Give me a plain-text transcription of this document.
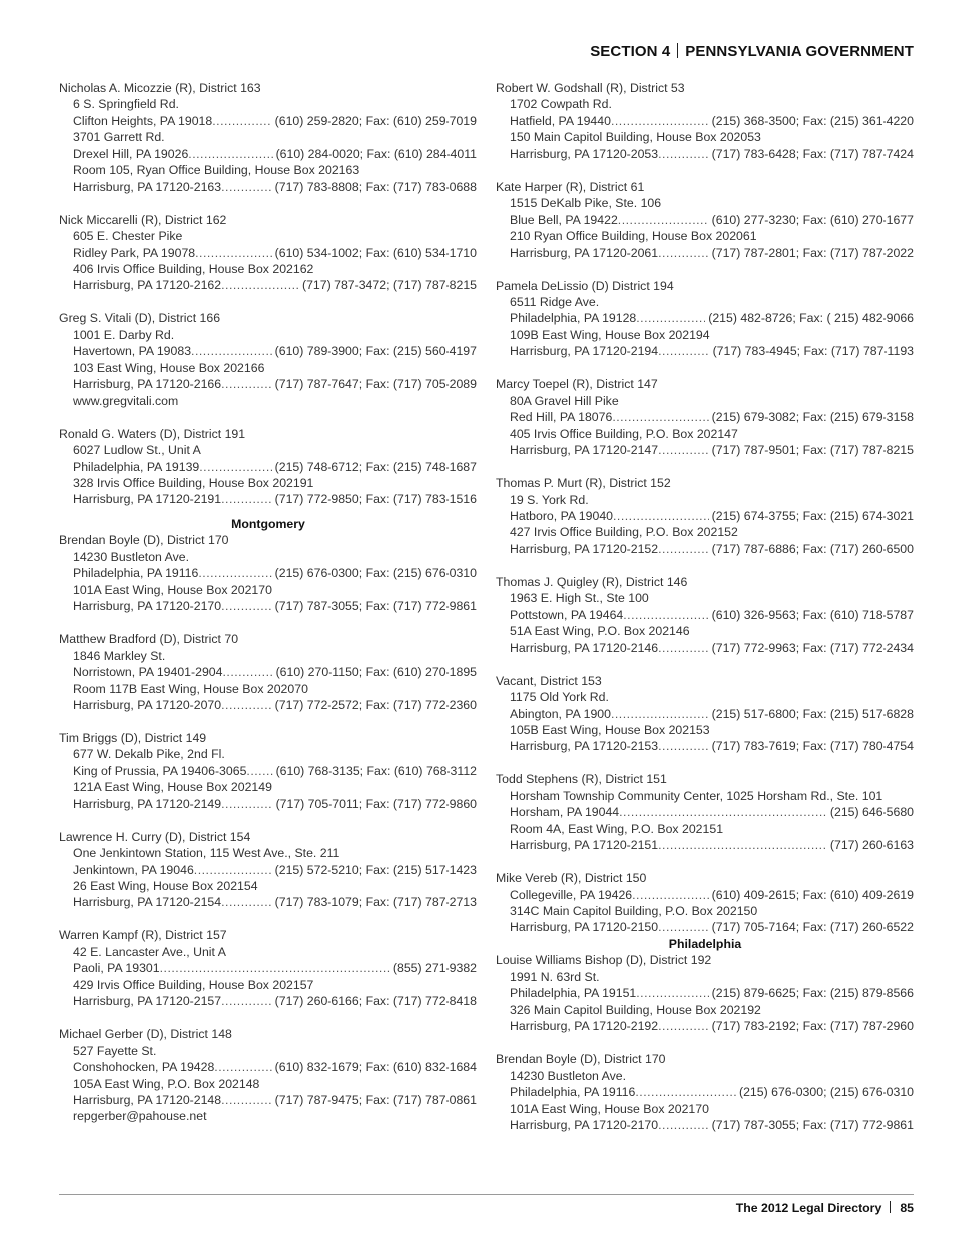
SECTION 4 PENNSYLVANIA GOVERNMENT
Nicholas A. Micozzie (R), District 163
6 S. Springfield Rd.
Clifton Heights, PA 19018 .....	(610) 259-2820; Fax: (610) 259-7019
3701 Garrett Rd.
Drexel Hill, PA 19026 .....	(610) 284-0020; Fax: (610) 284-4011
Room 105, Ryan Office Building, House Box 202163
Harrisburg, PA 17120-2163 .....	(717) 783-8808; Fax: (717) 783-0688
Nick Miccarelli (R), District 162
605 E. Chester Pike
Ridley Park, PA 19078 .....	(610) 534-1002; Fax: (610) 534-1710
406 Irvis Office Building, House Box 202162
Harrisburg, PA 17120-2162 .....	(717) 787-3472; (717) 787-8215
Greg S. Vitali (D), District 166
1001 E. Darby Rd.
Havertown, PA 19083 .....	(610) 789-3900; Fax: (215) 560-4197
103 East Wing, House Box 202166
Harrisburg, PA 17120-2166 .....	(717) 787-7647; Fax: (717) 705-2089
www.gregvitali.com
Ronald G. Waters (D), District 191
6027 Ludlow St., Unit A
Philadelphia, PA 19139 .....	(215) 748-6712; Fax: (215) 748-1687
328 Irvis Office Building, House Box 202191
Harrisburg, PA 17120-2191 .....	(717) 772-9850; Fax: (717) 783-1516
Montgomery
Brendan Boyle (D), District 170
14230 Bustleton Ave.
Philadelphia, PA 19116 .....	(215) 676-0300; Fax: (215) 676-0310
101A East Wing, House Box 202170
Harrisburg, PA 17120-2170 .....	(717) 787-3055; Fax: (717) 772-9861
Matthew Bradford (D), District 70
1846 Markley St.
Norristown, PA 19401-2904 .....	(610) 270-1150; Fax: (610) 270-1895
Room 117B East Wing, House Box 202070
Harrisburg, PA 17120-2070 .....	(717) 772-2572; Fax: (717) 772-2360
Tim Briggs (D), District 149
677 W. Dekalb Pike, 2nd Fl.
King of Prussia, PA 19406-3065 ..... (610) 768-3135; Fax: (610) 768-3112
121A East Wing, House Box 202149
Harrisburg, PA 17120-2149 .....	(717) 705-7011; Fax: (717) 772-9860
Lawrence H. Curry (D), District 154
One Jenkintown Station, 115 West Ave., Ste. 211
Jenkintown, PA 19046 .....	(215) 572-5210; Fax: (215) 517-1423
26 East Wing, House Box 202154
Harrisburg, PA 17120-2154 .....	(717) 783-1079; Fax: (717) 787-2713
Warren Kampf (R), District 157
42 E. Lancaster Ave., Unit A
Paoli, PA 19301 .....	(855) 271-9382
429 Irvis Office Building, House Box 202157
Harrisburg, PA 17120-2157 .....	(717) 260-6166; Fax: (717) 772-8418
Michael Gerber (D), District 148
527 Fayette St.
Conshohocken, PA 19428 .....	(610) 832-1679; Fax: (610) 832-1684
105A East Wing, P.O. Box 202148
Harrisburg, PA 17120-2148 .....	(717) 787-9475; Fax: (717) 787-0861
repgerber@pahouse.net
Robert W. Godshall (R), District 53
1702 Cowpath Rd.
Hatfield, PA 19440 .....	(215) 368-3500; Fax: (215) 361-4220
150 Main Capitol Building, House Box 202053
Harrisburg, PA 17120-2053 .....	(717) 783-6428; Fax: (717) 787-7424
Kate Harper (R), District 61
1515 DeKalb Pike, Ste. 106
Blue Bell, PA 19422 .....	(610) 277-3230; Fax: (610) 270-1677
210 Ryan Office Building, House Box 202061
Harrisburg, PA 17120-2061 .....	(717) 787-2801; Fax: (717) 787-2022
Pamela DeLissio (D) District 194
6511 Ridge Ave.
Philadelphia, PA 19128 .....	(215) 482-8726; Fax: ( 215) 482-9066
109B East Wing, House Box 202194
Harrisburg, PA 17120-2194 .....	(717) 783-4945; Fax: (717) 787-1193
Marcy Toepel (R), District 147
80A Gravel Hill Pike
Red Hill, PA 18076 .....	(215) 679-3082; Fax: (215) 679-3158
405 Irvis Office Building, P.O. Box 202147
Harrisburg, PA 17120-2147 .....	(717) 787-9501; Fax: (717) 787-8215
Thomas P. Murt (R), District 152
19 S. York Rd.
Hatboro, PA 19040 .....	(215) 674-3755; Fax: (215) 674-3021
427 Irvis Office Building, P.O. Box 202152
Harrisburg, PA 17120-2152 .....	(717) 787-6886; Fax: (717) 260-6500
Thomas J. Quigley (R), District 146
1963 E. High St., Ste 100
Pottstown, PA 19464 .....	(610) 326-9563; Fax: (610) 718-5787
51A East Wing, P.O. Box 202146
Harrisburg, PA 17120-2146 .....	(717) 772-9963; Fax: (717) 772-2434
Vacant, District 153
1175 Old York Rd.
Abington, PA 1900 .....	(215) 517-6800; Fax: (215) 517-6828
105B East Wing, House Box 202153
Harrisburg, PA 17120-2153 .....	(717) 783-7619; Fax: (717) 780-4754
Todd Stephens (R), District 151
Horsham Township Community Center, 1025 Horsham Rd., Ste. 101
Horsham, PA 19044 .....	(215) 646-5680
Room 4A, East Wing, P.O. Box 202151
Harrisburg, PA 17120-2151 .....	(717) 260-6163
Mike Vereb (R), District 150
Collegeville, PA 19426 .....	(610) 409-2615; Fax: (610) 409-2619
314C Main Capitol Building, P.O. Box 202150
Harrisburg, PA 17120-2150 .....	(717) 705-7164; Fax: (717) 260-6522
Philadelphia
Louise Williams Bishop (D), District 192
1991 N. 63rd St.
Philadelphia, PA 19151 .....	(215) 879-6625; Fax: (215) 879-8566
326 Main Capitol Building, House Box 202192
Harrisburg, PA 17120-2192 .....	(717) 783-2192; Fax: (717) 787-2960
Brendan Boyle (D), District 170
14230 Bustleton Ave.
Philadelphia, PA 19116 .....	(215) 676-0300; (215) 676-0310
101A East Wing, House Box 202170
Harrisburg, PA 17120-2170 .....	(717) 787-3055; Fax: (717) 772-9861
The 2012 Legal Directory 85
